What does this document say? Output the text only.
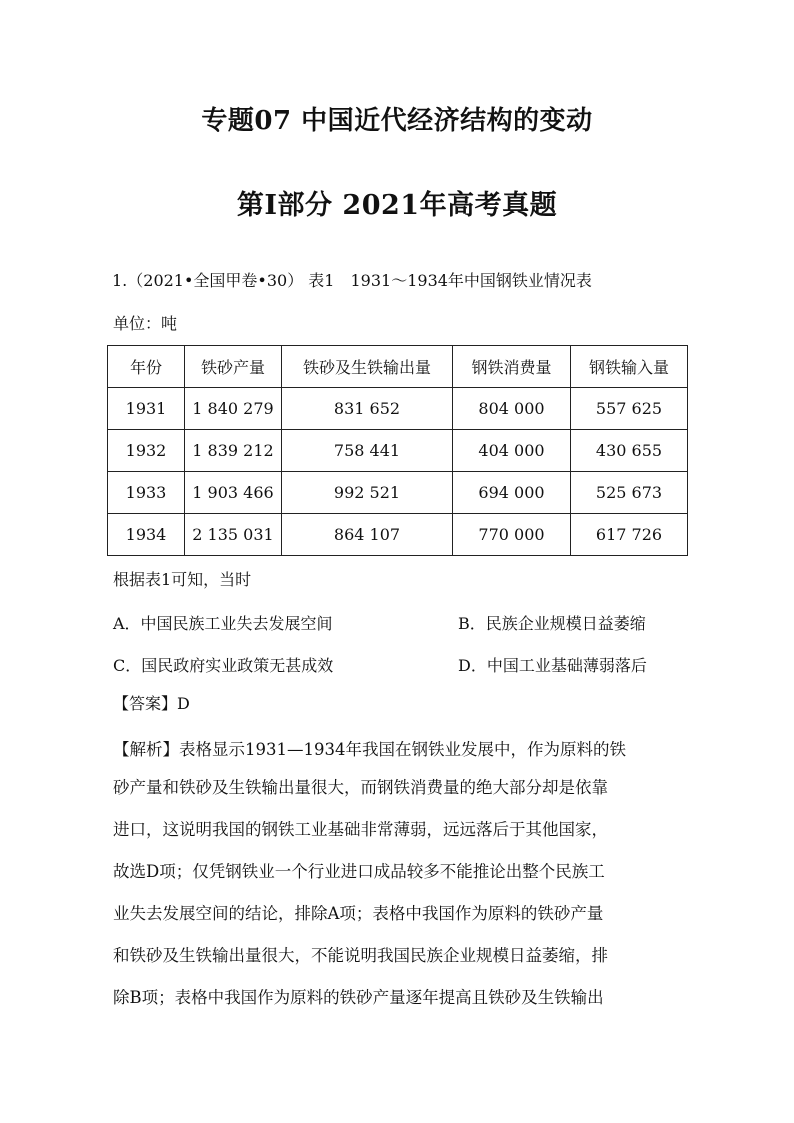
专题07 中国近代经济结构的变动
第Ⅰ部分 2021年高考真题
1.（2021•全国甲卷•30） 表1　1931～1934年中国钢铁业情况表
单位：吨
年份	铁砂产量	铁砂及生铁输出量	钢铁消费量	钢铁输入量
1931	1 840 279	831 652	804 000	557 625
1932	1 839 212	758 441	404 000	430 655
1933	1 903 466	992 521	694 000	525 673
1934	2 135 031	864 107	770 000	617 726
根据表1可知，当时
A．中国民族工业失去发展空间	B．民族企业规模日益萎缩
C．国民政府实业政策无甚成效	D．中国工业基础薄弱落后
【答案】D
【解析】表格显示1931—1934年我国在钢铁业发展中，作为原料的铁
砂产量和铁砂及生铁输出量很大，而钢铁消费量的绝大部分却是依靠
进口，这说明我国的钢铁工业基础非常薄弱，远远落后于其他国家，
故选D项；仅凭钢铁业一个行业进口成品较多不能推论出整个民族工
业失去发展空间的结论，排除A项；表格中我国作为原料的铁砂产量
和铁砂及生铁输出量很大，不能说明我国民族企业规模日益萎缩，排
除B项；表格中我国作为原料的铁砂产量逐年提高且铁砂及生铁输出
